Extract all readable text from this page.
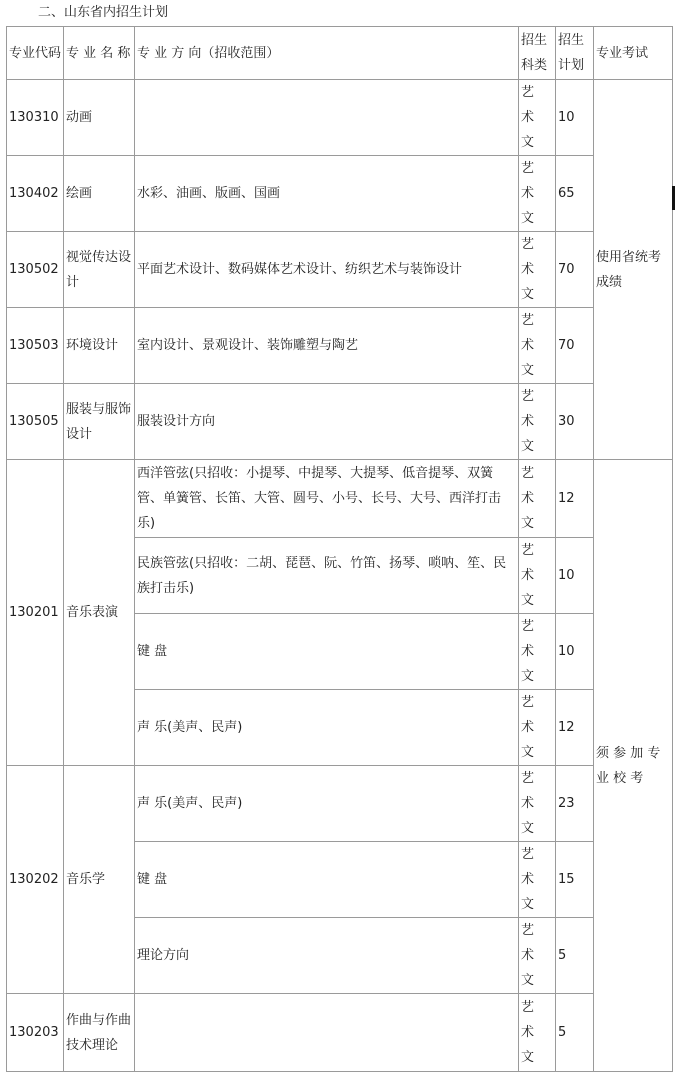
二、山东省内招生计划
专业代码	专 业 名 称	专 业 方 向（招收范围）	招生科类	招生计划	专业考试	
130310	动画		艺术文	10	使用省统考成绩	
130402	绘画	水彩、油画、版画、国画	艺术文	65		
130502	视觉传达设计	平面艺术设计、数码媒体艺术设计、纺织艺术与装饰设计	艺术文	70		
130503	环境设计	室内设计、景观设计、装饰雕塑与陶艺	艺术文	70		
130505	服装与服饰设计	服装设计方向	艺术文	30		
130201	音乐表演	西洋管弦(只招收：小提琴、中提琴、大提琴、低音提琴、双簧管、单簧管、长笛、大管、圆号、小号、长号、大号、西洋打击乐)	艺术文	12	须 参 加 专业 校 考	
		民族管弦(只招收：二胡、琵琶、阮、竹笛、扬琴、唢呐、笙、民族打击乐)	艺术文	10		
		键 盘	艺术文	10		
		声 乐(美声、民声)	艺术文	12		
130202	音乐学	声 乐(美声、民声)	艺术文	23		
		键 盘	艺术文	15		
		理论方向	艺术文	5		
130203	作曲与作曲技术理论		艺术文	5		
